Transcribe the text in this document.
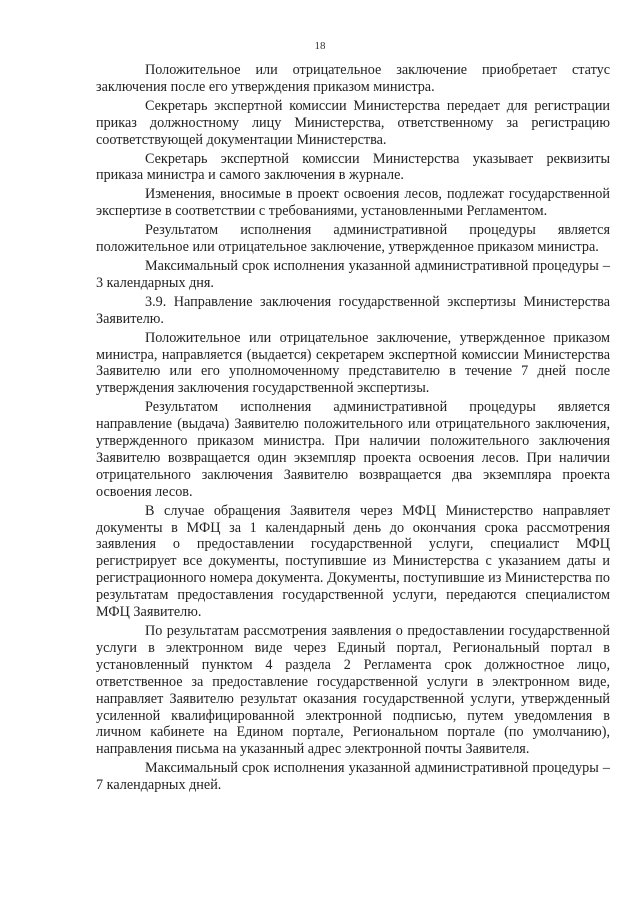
18

Положительное или отрицательное заключение приобретает статус заключения после его утверждения приказом министра.

Секретарь экспертной комиссии Министерства передает для регистрации приказ должностному лицу Министерства, ответственному за регистрацию соответствующей документации Министерства.

Секретарь экспертной комиссии Министерства указывает реквизиты приказа министра и самого заключения в журнале.

Изменения, вносимые в проект освоения лесов, подлежат государственной экспертизе в соответствии с требованиями, установленными Регламентом.

Результатом исполнения административной процедуры является положительное или отрицательное заключение, утвержденное приказом министра.

Максимальный срок исполнения указанной административной процедуры – 3 календарных дня.

3.9. Направление заключения государственной экспертизы Министерства Заявителю.

Положительное или отрицательное заключение, утвержденное приказом министра, направляется (выдается) секретарем экспертной комиссии Министерства Заявителю или его уполномоченному представителю в течение 7 дней после утверждения заключения государственной экспертизы.

Результатом исполнения административной процедуры является направление (выдача) Заявителю положительного или отрицательного заключения, утвержденного приказом министра. При наличии положительного заключения Заявителю возвращается один экземпляр проекта освоения лесов. При наличии отрицательного заключения Заявителю возвращается два экземпляра проекта освоения лесов.

В случае обращения Заявителя через МФЦ Министерство направляет документы в МФЦ за 1 календарный день до окончания срока рассмотрения заявления о предоставлении государственной услуги, специалист МФЦ регистрирует все документы, поступившие из Министерства с указанием даты и регистрационного номера документа. Документы, поступившие из Министерства по результатам предоставления государственной услуги, передаются специалистом МФЦ Заявителю.

По результатам рассмотрения заявления о предоставлении государственной услуги в электронном виде через Единый портал, Региональный портал в установленный пунктом 4 раздела 2 Регламента срок должностное лицо, ответственное за предоставление государственной услуги в электронном виде, направляет Заявителю результат оказания государственной услуги, утвержденный усиленной квалифицированной электронной подписью, путем уведомления в личном кабинете на Едином портале, Региональном портале (по умолчанию), направления письма на указанный адрес электронной почты Заявителя.

Максимальный срок исполнения указанной административной процедуры – 7 календарных дней.
